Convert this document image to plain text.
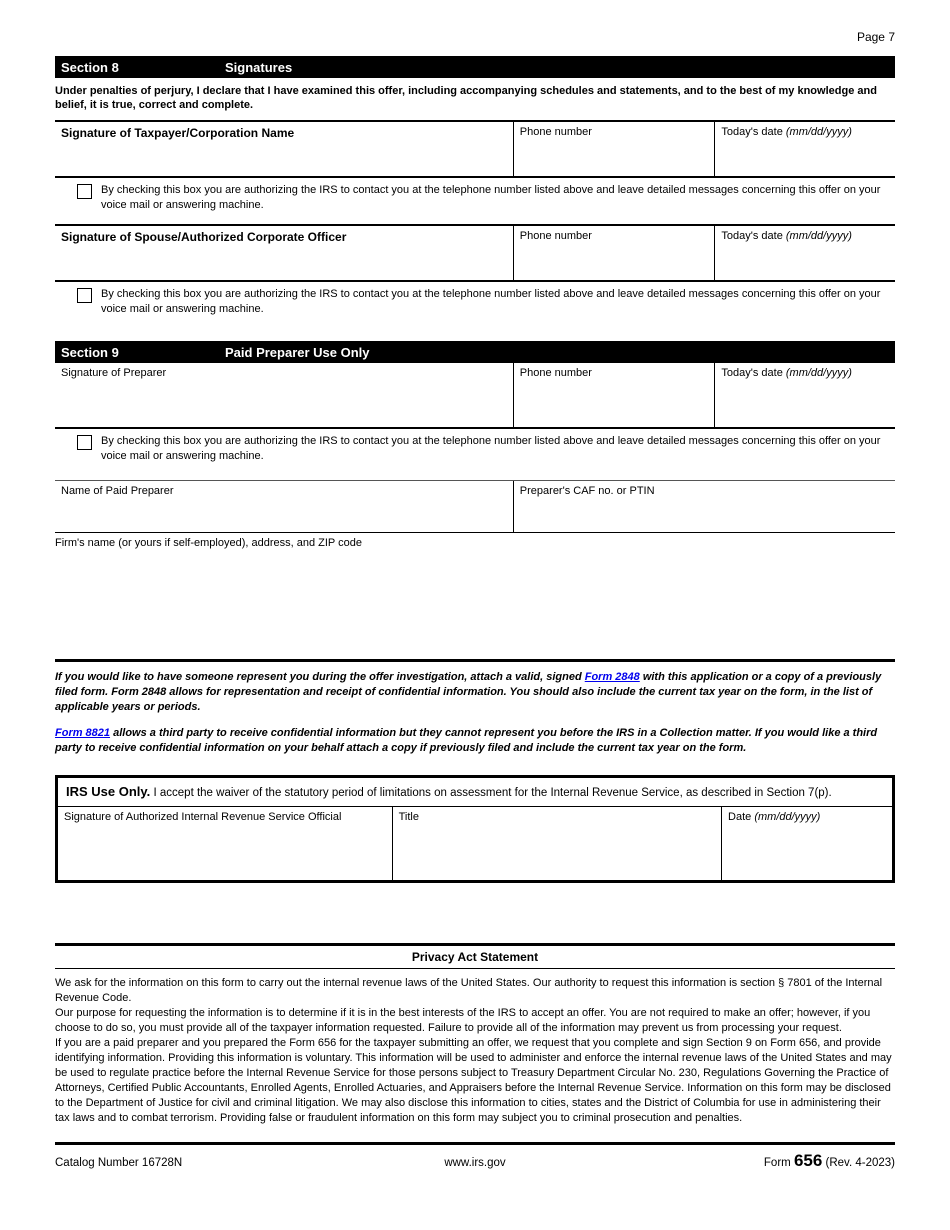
Page 7
Section 8	Signatures
Under penalties of perjury, I declare that I have examined this offer, including accompanying schedules and statements, and to the best of my knowledge and belief, it is true, correct and complete.
Signature of Taxpayer/Corporation Name	Phone number	Today's date (mm/dd/yyyy)
By checking this box you are authorizing the IRS to contact you at the telephone number listed above and leave detailed messages concerning this offer on your voice mail or answering machine.
Signature of Spouse/Authorized Corporate Officer	Phone number	Today's date (mm/dd/yyyy)
By checking this box you are authorizing the IRS to contact you at the telephone number listed above and leave detailed messages concerning this offer on your voice mail or answering machine.
Section 9	Paid Preparer Use Only
Signature of Preparer	Phone number	Today's date (mm/dd/yyyy)
By checking this box you are authorizing the IRS to contact you at the telephone number listed above and leave detailed messages concerning this offer on your voice mail or answering machine.
Name of Paid Preparer	Preparer's CAF no. or PTIN
Firm's name (or yours if self-employed), address, and ZIP code
If you would like to have someone represent you during the offer investigation, attach a valid, signed Form 2848 with this application or a copy of a previously filed form. Form 2848 allows for representation and receipt of confidential information. You should also include the current tax year on the form, in the list of applicable years or periods.
Form 8821 allows a third party to receive confidential information but they cannot represent you before the IRS in a Collection matter. If you would like a third party to receive confidential information on your behalf attach a copy if previously filed and include the current tax year on the form.
IRS Use Only. I accept the waiver of the statutory period of limitations on assessment for the Internal Revenue Service, as described in Section 7(p).
Signature of Authorized Internal Revenue Service Official	Title	Date (mm/dd/yyyy)
Privacy Act Statement
We ask for the information on this form to carry out the internal revenue laws of the United States. Our authority to request this information is section § 7801 of the Internal Revenue Code.
Our purpose for requesting the information is to determine if it is in the best interests of the IRS to accept an offer. You are not required to make an offer; however, if you choose to do so, you must provide all of the taxpayer information requested. Failure to provide all of the information may prevent us from processing your request.
If you are a paid preparer and you prepared the Form 656 for the taxpayer submitting an offer, we request that you complete and sign Section 9 on Form 656, and provide identifying information. Providing this information is voluntary. This information will be used to administer and enforce the internal revenue laws of the United States and may be used to regulate practice before the Internal Revenue Service for those persons subject to Treasury Department Circular No. 230, Regulations Governing the Practice of Attorneys, Certified Public Accountants, Enrolled Agents, Enrolled Actuaries, and Appraisers before the Internal Revenue Service. Information on this form may be disclosed to the Department of Justice for civil and criminal litigation. We may also disclose this information to cities, states and the District of Columbia for use in administering their tax laws and to combat terrorism. Providing false or fraudulent information on this form may subject you to criminal prosecution and penalties.
Catalog Number 16728N	www.irs.gov	Form 656 (Rev. 4-2023)
